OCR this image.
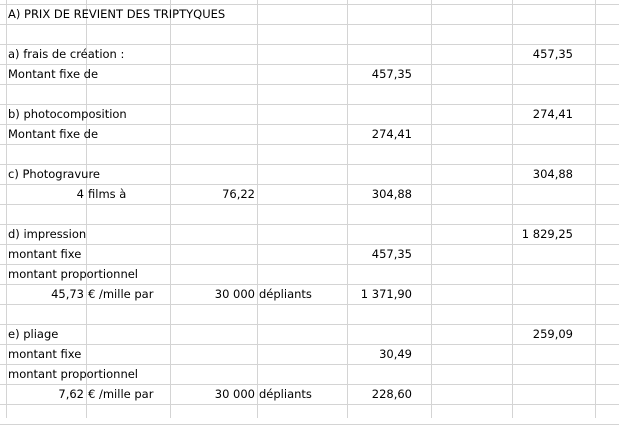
A) PRIX DE REVIENT DES TRIPTYQUES
a) frais de création :	457,35
Montant fixe de	457,35
b) photocomposition	274,41
Montant fixe de	274,41
c) Photogravure	304,88
4 films à	76,22	304,88
d) impression	1 829,25
montant fixe	457,35
montant proportionnel
45,73 € /mille par	30 000 dépliants	1 371,90
e) pliage	259,09
montant fixe	30,49
montant proportionnel
7,62 € /mille par	30 000 dépliants	228,60
